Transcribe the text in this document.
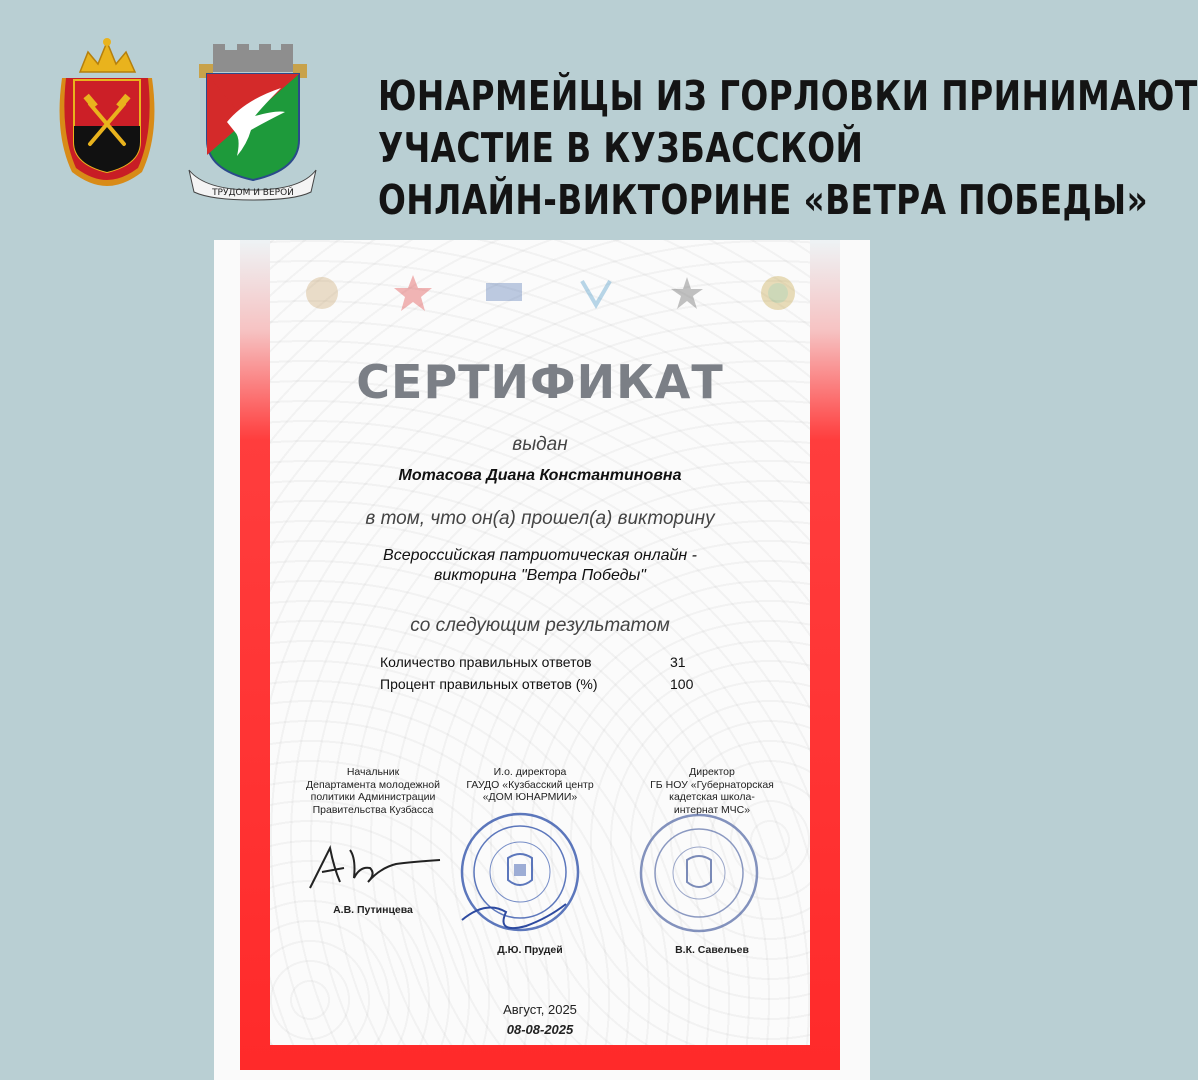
ТРУДОМ И ВЕРОЙ
ЮНАРМЕЙЦЫ ИЗ ГОРЛОВКИ ПРИНИМАЮТ
УЧАСТИЕ В КУЗБАССКОЙ
ОНЛАЙН-ВИКТОРИНЕ «ВЕТРА ПОБЕДЫ»
СЕРТИФИКАТ
выдан
Мотасова Диана Константиновна
в том, что он(а) прошел(а) викторину
Всероссийская патриотическая онлайн -
викторина "Ветра Победы"
со следующим результатом
Количество правильных ответов	31
Процент правильных ответов (%)	100
Начальник
Департамента молодежной
политики Администрации
Правительства Кузбасса
И.о. директора
ГАУДО «Кузбасский центр
«ДОМ ЮНАРМИИ»
Директор
ГБ НОУ «Губернаторская
кадетская школа-
интернат МЧС»
А.В. Путинцева
Д.Ю. Прудей	В.К. Савельев
Август, 2025
08-08-2025
